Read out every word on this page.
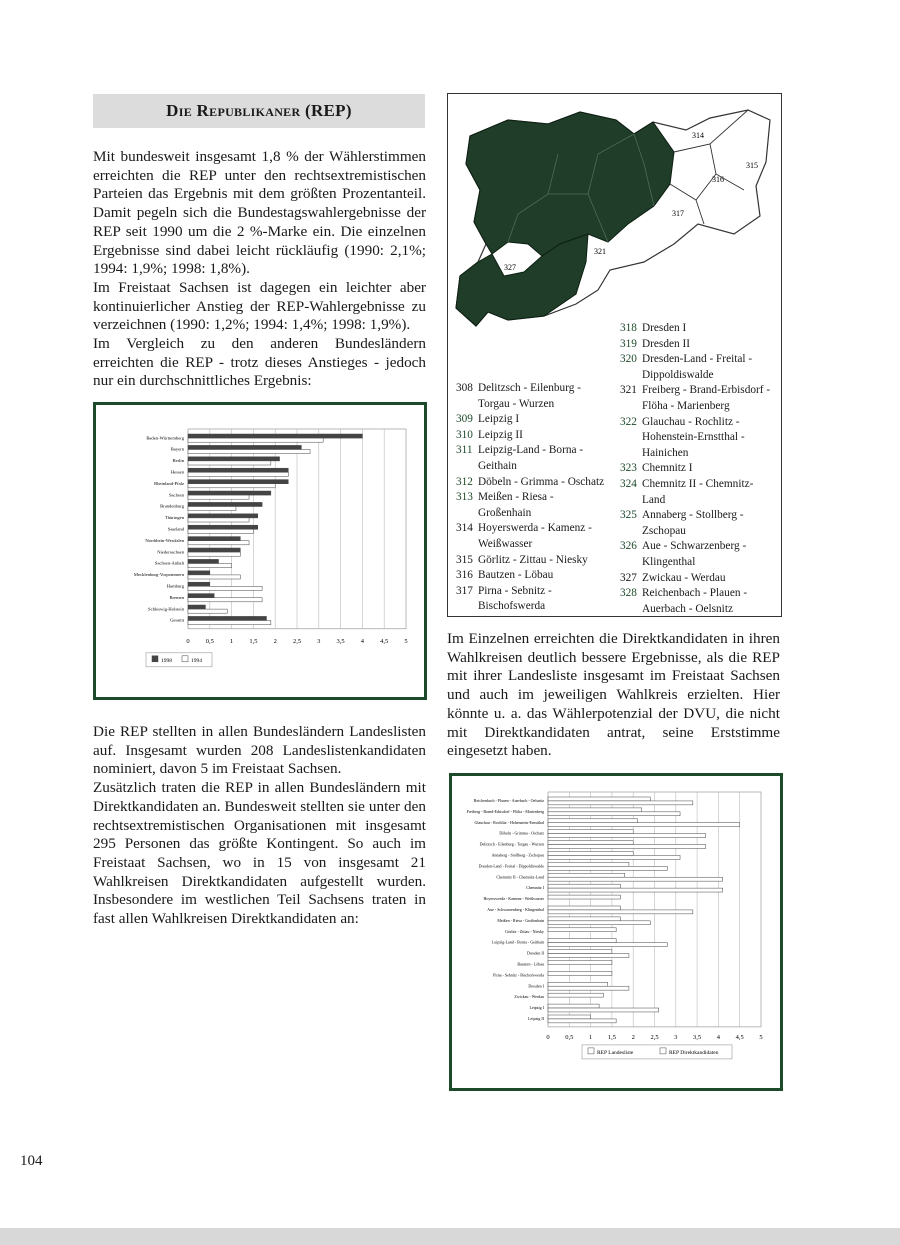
Die Republikaner (REP)

Mit bundesweit insgesamt 1,8 % der Wählerstimmen erreichten die REP unter den rechtsextremistischen Parteien das Ergebnis mit dem größten Prozentanteil. Damit pegeln sich die Bundestagswahlergebnisse der REP seit 1990 um die 2 %-Marke ein. Die einzelnen Ergebnisse sind dabei leicht rückläufig (1990: 2,1%; 1994: 1,9%; 1998: 1,8%).

Im Freistaat Sachsen ist dagegen ein leichter aber kontinuierlicher Anstieg der REP-Wahlergebnisse zu verzeichnen (1990: 1,2%; 1994: 1,4%; 1998: 1,9%).

Im Vergleich zu den anderen Bundesländern erreichten die REP - trotz dieses Anstieges - jedoch nur ein durchschnittliches Ergebnis:

0 0,5 1 1,5 2 2,5 3 3,5 4 4,5 5
Baden-Württemberg
Bayern
Berlin
Hessen
Rheinland-Pfalz
Sachsen
Brandenburg
Thüringen
Saarland
Nordrhein-Westfalen
Niedersachsen
Sachsen-Anhalt
Mecklenburg-Vorpommern
Hamburg
Bremen
Schleswig-Holstein
Gesamt
1998	1994

Die REP stellten in allen Bundesländern Landeslisten auf. Insgesamt wurden 208 Landeslistenkandidaten nominiert, davon 5 im Freistaat Sachsen.

Zusätzlich traten die REP in allen Bundesländern mit Direktkandidaten an. Bundesweit stellten sie unter den rechtsextremistischen Organisationen mit insgesamt 295 Personen das größte Kontingent. So auch im Freistaat Sachsen, wo in 15 von insgesamt 21 Wahlkreisen Direktkandidaten aufgestellt wurden. Insbesondere im westlichen Teil Sachsens traten in fast allen Wahlkreisen Direktkandidaten an:

314
315
316
317
321
327
308 Delitzsch - Eilenburg - Torgau - Wurzen
309 Leipzig I
310 Leipzig II
311 Leipzig-Land - Borna - Geithain
312 Döbeln - Grimma - Oschatz
313 Meißen - Riesa - Großenhain
314 Hoyerswerda - Kamenz - Weißwasser
315 Görlitz - Zittau - Niesky
316 Bautzen - Löbau
317 Pirna - Sebnitz - Bischofswerda
318 Dresden I
319 Dresden II
320 Dresden-Land - Freital - Dippoldiswalde
321 Freiberg - Brand-Erbisdorf - Flöha - Marienberg
322 Glauchau - Rochlitz - Hohenstein-Ernstthal - Hainichen
323 Chemnitz I
324 Chemnitz II - Chemnitz-Land
325 Annaberg - Stollberg - Zschopau
326 Aue - Schwarzenberg - Klingenthal
327 Zwickau - Werdau
328 Reichenbach - Plauen - Auerbach - Oelsnitz

Im Einzelnen erreichten die Direktkandidaten in ihren Wahlkreisen deutlich bessere Ergebnisse, als die REP mit ihrer Landesliste insgesamt im Freistaat Sachsen und auch im jeweiligen Wahlkreis erzielten. Hier könnte u. a. das Wählerpotenzial der DVU, die nicht mit Direktkandidaten antrat, seine Erststimme eingesetzt haben.

0 0,5 1 1,5 2 2,5 3 3,5 4 4,5 5
Reichenbach - Plauen - Auerbach - Oelsnitz
Freiberg - Brand-Erbisdorf - Flöha - Marienberg
Glauchau - Rochlitz - Hohenstein-Ernstthal
Döbeln - Grimma - Oschatz
Delitzsch - Eilenburg - Torgau - Wurzen
Annaberg - Stollberg - Zschopau
Dresden-Land - Freital - Dippoldiswalde
Chemnitz II - Chemnitz-Land
Chemnitz I
Hoyerswerda - Kamenz - Weißwasser
Aue - Schwarzenberg - Klingenthal
Meißen - Riesa - Großenhain
Görlitz - Zittau - Niesky
Leipzig-Land - Borna - Geithain
Dresden II
Bautzen - Löbau
Pirna - Sebnitz - Bischofswerda
Dresden I
Zwickau - Werdau
Leipzig I
Leipzig II
REP Landesliste	REP Direktkandidaten
104
